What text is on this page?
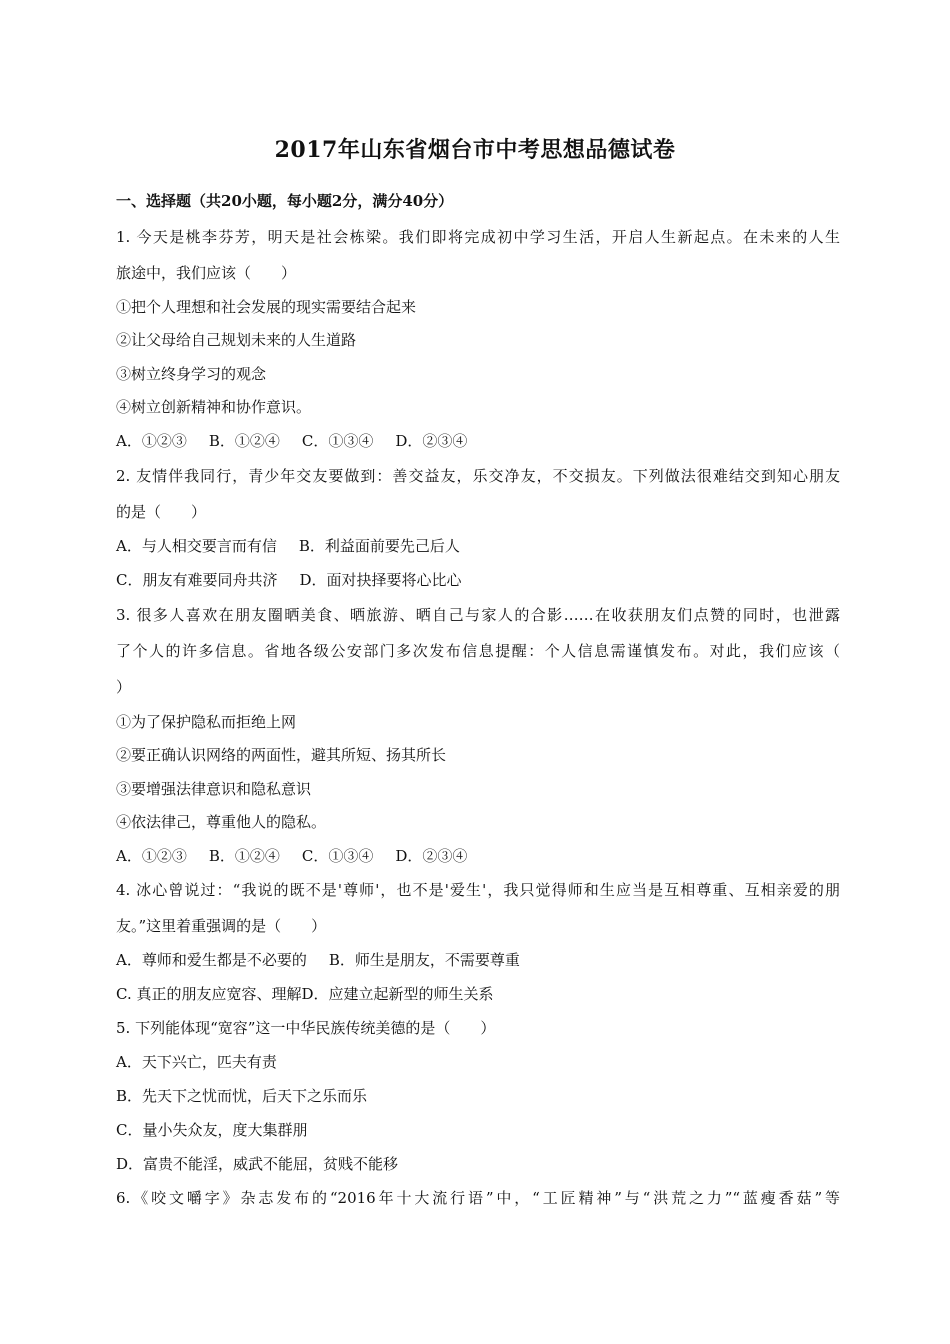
2017年山东省烟台市中考思想品德试卷
一、选择题（共20小题，每小题2分，满分40分）
1. 今天是桃李芬芳，明天是社会栋梁。我们即将完成初中学习生活，开启人生新起点。在未来的人生
旅途中，我们应该（　　）
①把个人理想和社会发展的现实需要结合起来
②让父母给自己规划未来的人生道路
③树立终身学习的观念
④树立创新精神和协作意识。
A．①②③ B．①②④ C．①③④ D．②③④
2. 友情伴我同行，青少年交友要做到：善交益友，乐交净友，不交损友。下列做法很难结交到知心朋友
的是（　　）
A．与人相交要言而有信 B．利益面前要先己后人
C．朋友有难要同舟共济 D．面对抉择要将心比心
3. 很多人喜欢在朋友圈晒美食、晒旅游、晒自己与家人的合影……在收获朋友们点赞的同时，也泄露
了个人的许多信息。省地各级公安部门多次发布信息提醒：个人信息需谨慎发布。对此，我们应该（
）
①为了保护隐私而拒绝上网
②要正确认识网络的两面性，避其所短、扬其所长
③要增强法律意识和隐私意识
④依法律己，尊重他人的隐私。
A．①②③ B．①②④ C．①③④ D．②③④
4. 冰心曾说过：“我说的既不是'尊师'，也不是'爱生'，我只觉得师和生应当是互相尊重、互相亲爱的朋
友。”这里着重强调的是（　　）
A．尊师和爱生都是不必要的 B．师生是朋友，不需要尊重
C. 真正的朋友应宽容、理解D．应建立起新型的师生关系
5. 下列能体现“宽容”这一中华民族传统美德的是（　　）
A．天下兴亡，匹夫有责
B．先天下之忧而忧，后天下之乐而乐
C．量小失众友，度大集群朋
D．富贵不能淫，威武不能屈，贫贱不能移
6.《咬文嚼字》杂志发布的“2016年十大流行语”中，“工匠精神”与“洪荒之力”“蓝瘦香菇”等
